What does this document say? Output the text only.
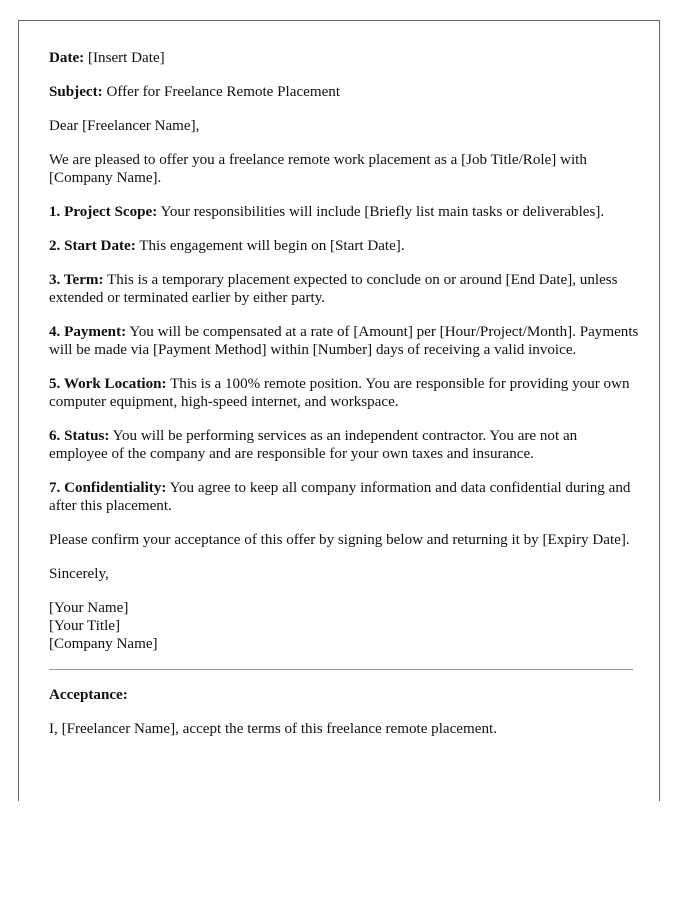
Date: [Insert Date]

Subject: Offer for Freelance Remote Placement

Dear [Freelancer Name],

We are pleased to offer you a freelance remote work placement as a [Job Title/Role] with [Company Name].

1. Project Scope: Your responsibilities will include [Briefly list main tasks or deliverables].

2. Start Date: This engagement will begin on [Start Date].

3. Term: This is a temporary placement expected to conclude on or around [End Date], unless extended or terminated earlier by either party.

4. Payment: You will be compensated at a rate of [Amount] per [Hour/Project/Month]. Payments will be made via [Payment Method] within [Number] days of receiving a valid invoice.

5. Work Location: This is a 100% remote position. You are responsible for providing your own computer equipment, high-speed internet, and workspace.

6. Status: You will be performing services as an independent contractor. You are not an employee of the company and are responsible for your own taxes and insurance.

7. Confidentiality: You agree to keep all company information and data confidential during and after this placement.

Please confirm your acceptance of this offer by signing below and returning it by [Expiry Date].

Sincerely,

[Your Name]

[Your Title]

[Company Name]

Acceptance:

I, [Freelancer Name], accept the terms of this freelance remote placement.
